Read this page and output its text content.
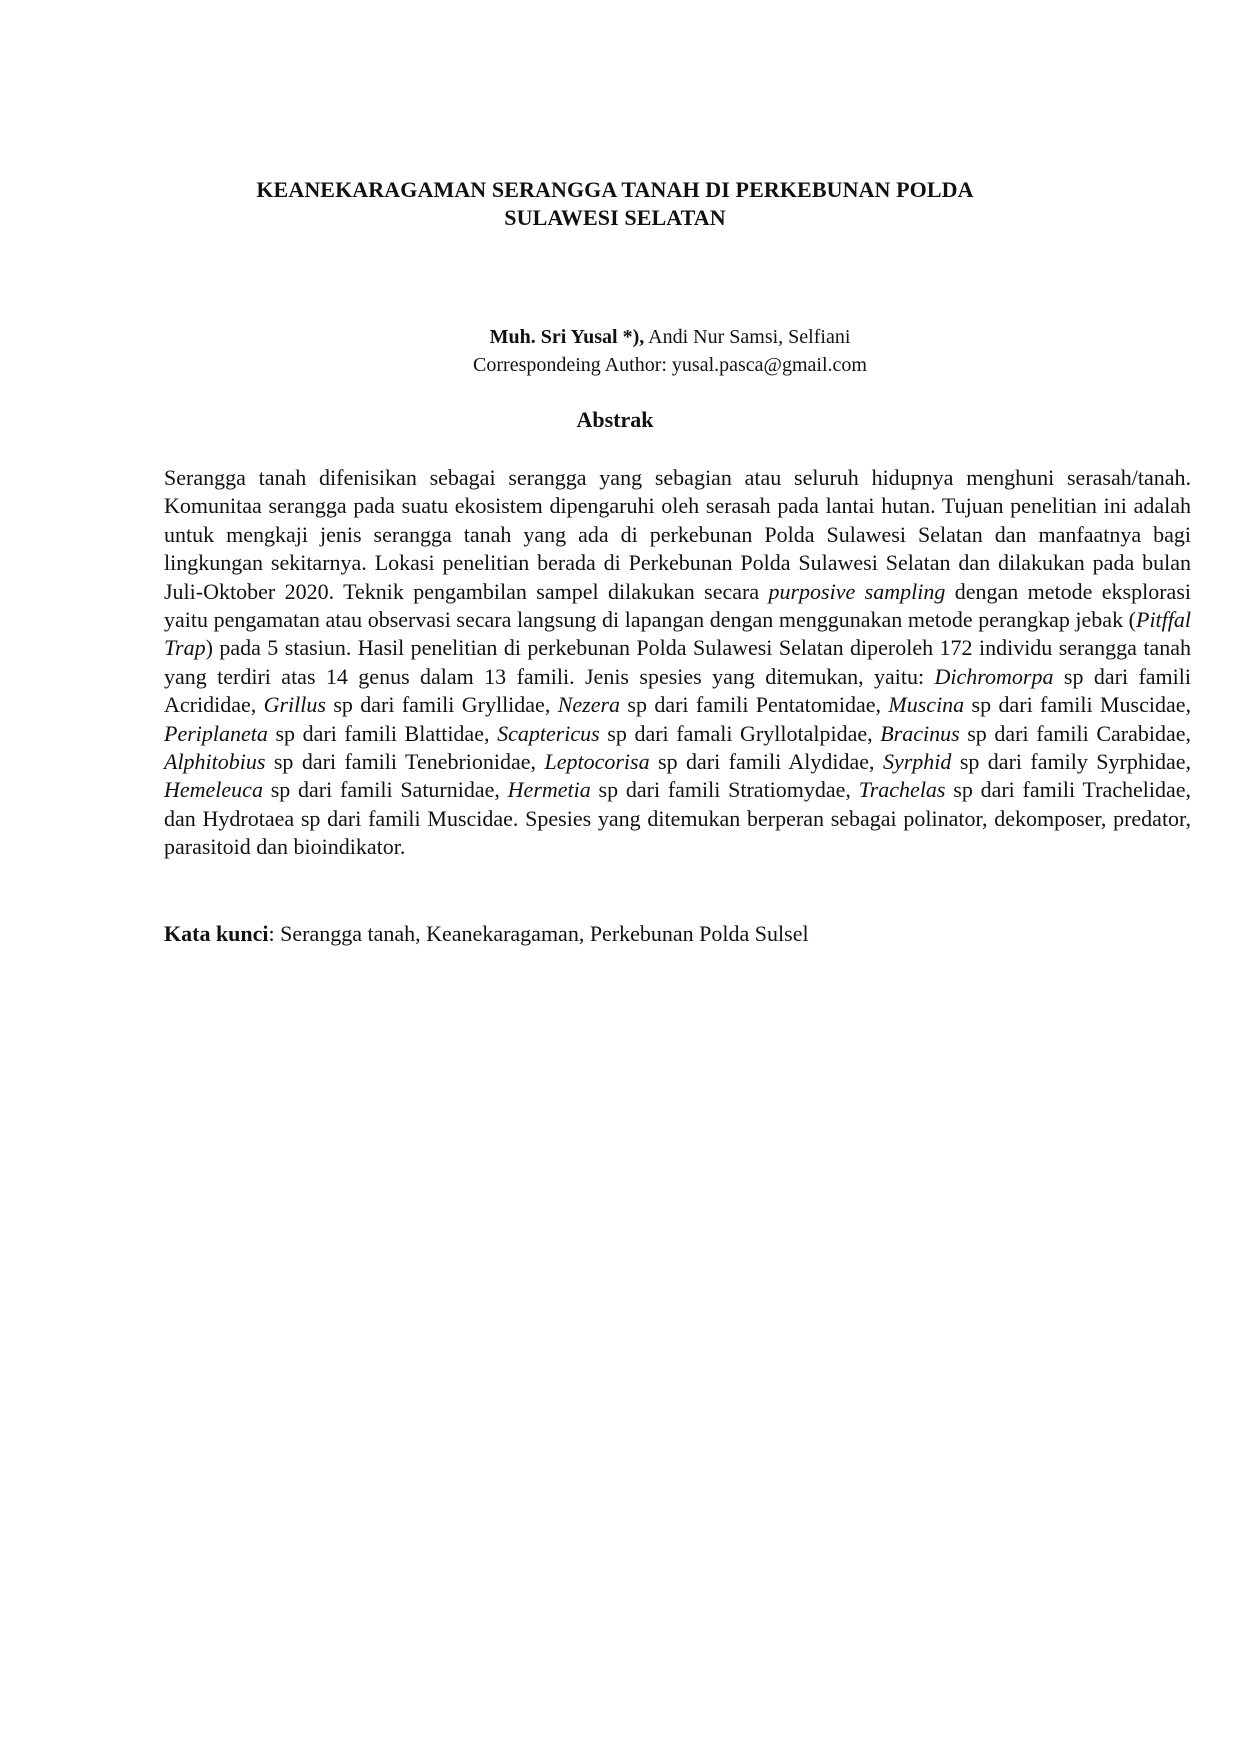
KEANEKARAGAMAN SERANGGA TANAH DI PERKEBUNAN POLDA
SULAWESI SELATAN
Muh. Sri Yusal *), Andi Nur Samsi, Selfiani
Correspondeing Author: yusal.pasca@gmail.com
Abstrak

Serangga tanah difenisikan sebagai serangga yang sebagian atau seluruh hidupnya menghuni serasah/tanah. Komunitaa serangga pada suatu ekosistem dipengaruhi oleh serasah pada lantai hutan. Tujuan penelitian ini adalah untuk mengkaji jenis serangga tanah yang ada di perkebunan Polda Sulawesi Selatan dan manfaatnya bagi lingkungan sekitarnya. Lokasi penelitian berada di Perkebunan Polda Sulawesi Selatan dan dilakukan pada bulan Juli-Oktober 2020. Teknik pengambilan sampel dilakukan secara purposive sampling dengan metode eksplorasi yaitu pengamatan atau observasi secara langsung di lapangan dengan menggunakan metode perangkap jebak (Pitffal Trap) pada 5 stasiun. Hasil penelitian di perkebunan Polda Sulawesi Selatan diperoleh 172 individu serangga tanah yang terdiri atas 14 genus dalam 13 famili. Jenis spesies yang ditemukan, yaitu: Dichromorpa sp dari famili Acrididae, Grillus sp dari famili Gryllidae, Nezera sp dari famili Pentatomidae, Muscina sp dari famili Muscidae, Periplaneta sp dari famili Blattidae, Scaptericus sp dari famali Gryllotalpidae, Bracinus sp dari famili Carabidae, Alphitobius sp dari famili Tenebrionidae, Leptocorisa sp dari famili Alydidae, Syrphid sp dari family Syrphidae, Hemeleuca sp dari famili Saturnidae, Hermetia sp dari famili Stratiomydae, Trachelas sp dari famili Trachelidae, dan Hydrotaea sp dari famili Muscidae. Spesies yang ditemukan berperan sebagai polinator, dekomposer, predator, parasitoid dan bioindikator.

Kata kunci: Serangga tanah, Keanekaragaman, Perkebunan Polda Sulsel
